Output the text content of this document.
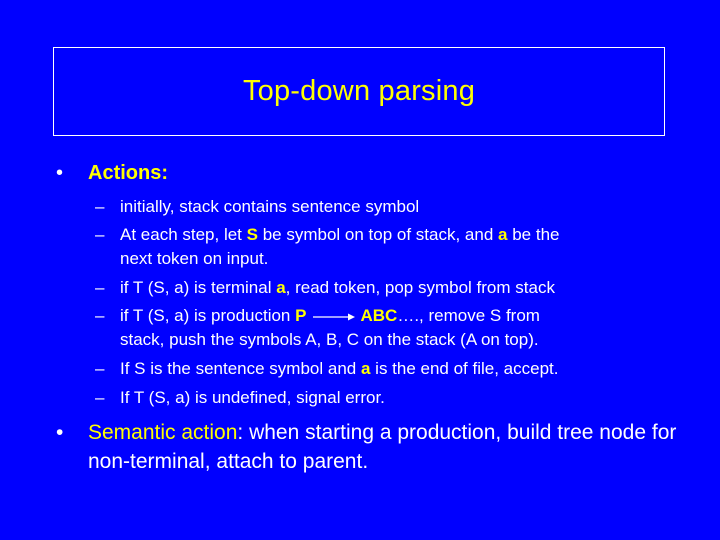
Top-down parsing
• Actions:
– initially, stack contains sentence symbol
– At each step, let S be symbol on top of stack, and a be the
next token on input.
– if T (S, a) is terminal a, read token, pop symbol from stack
– if T (S, a) is production P	ABC…., remove S from
stack, push the symbols A, B, C on the stack (A on top).
– If S is the sentence symbol and a is the end of file, accept.
– If T (S, a) is undefined, signal error.
• Semantic action: when starting a production, build tree node for non-terminal, attach to parent.
